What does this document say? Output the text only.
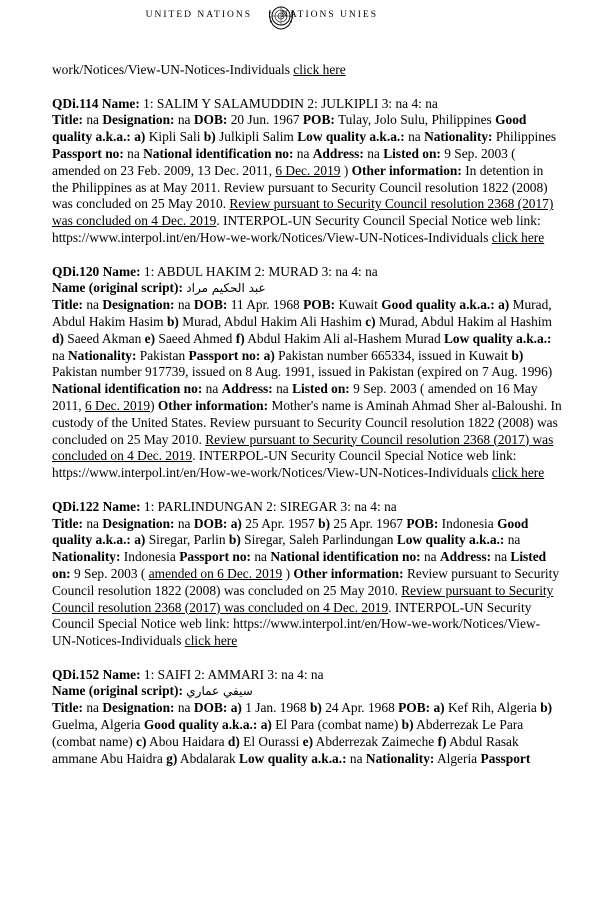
UNITED NATIONS	NATIONS UNIES

work/Notices/View-UN-Notices-Individuals click here

QDi.114 Name: 1: SALIM Y SALAMUDDIN 2: JULKIPLI 3: na 4: na
Title: na Designation: na DOB: 20 Jun. 1967 POB: Tulay, Jolo Sulu, Philippines Good quality a.k.a.: a) Kipli Sali b) Julkipli Salim Low quality a.k.a.: na Nationality: Philippines Passport no: na National identification no: na Address: na Listed on: 9 Sep. 2003 ( amended on 23 Feb. 2009, 13 Dec. 2011, 6 Dec. 2019 ) Other information: In detention in the Philippines as at May 2011. Review pursuant to Security Council resolution 1822 (2008) was concluded on 25 May 2010. Review pursuant to Security Council resolution 2368 (2017) was concluded on 4 Dec. 2019. INTERPOL-UN Security Council Special Notice web link: https://www.interpol.int/en/How-we-work/Notices/View-UN-Notices-Individuals click here

QDi.120 Name: 1: ABDUL HAKIM 2: MURAD 3: na 4: na
Name (original script): عبد الحكيم مراد
Title: na Designation: na DOB: 11 Apr. 1968 POB: Kuwait Good quality a.k.a.: a) Murad, Abdul Hakim Hasim b) Murad, Abdul Hakim Ali Hashim c) Murad, Abdul Hakim al Hashim d) Saeed Akman e) Saeed Ahmed f) Abdul Hakim Ali al-Hashem Murad Low quality a.k.a.: na Nationality: Pakistan Passport no: a) Pakistan number 665334, issued in Kuwait b) Pakistan number 917739, issued on 8 Aug. 1991, issued in Pakistan (expired on 7 Aug. 1996) National identification no: na Address: na Listed on: 9 Sep. 2003 ( amended on 16 May 2011, 6 Dec. 2019) Other information: Mother's name is Aminah Ahmad Sher al-Baloushi. In custody of the United States. Review pursuant to Security Council resolution 1822 (2008) was concluded on 25 May 2010. Review pursuant to Security Council resolution 2368 (2017) was concluded on 4 Dec. 2019. INTERPOL-UN Security Council Special Notice web link: https://www.interpol.int/en/How-we-work/Notices/View-UN-Notices-Individuals click here

QDi.122 Name: 1: PARLINDUNGAN 2: SIREGAR 3: na 4: na
Title: na Designation: na DOB: a) 25 Apr. 1957 b) 25 Apr. 1967 POB: Indonesia Good quality a.k.a.: a) Siregar, Parlin b) Siregar, Saleh Parlindungan Low quality a.k.a.: na Nationality: Indonesia Passport no: na National identification no: na Address: na Listed on: 9 Sep. 2003 ( amended on 6 Dec. 2019 ) Other information: Review pursuant to Security Council resolution 1822 (2008) was concluded on 25 May 2010. Review pursuant to Security Council resolution 2368 (2017) was concluded on 4 Dec. 2019. INTERPOL-UN Security Council Special Notice web link: https://www.interpol.int/en/How-we-work/Notices/View-UN-Notices-Individuals click here

QDi.152 Name: 1: SAIFI 2: AMMARI 3: na 4: na
Name (original script): سيفي عماري
Title: na Designation: na DOB: a) 1 Jan. 1968 b) 24 Apr. 1968 POB: a) Kef Rih, Algeria b) Guelma, Algeria Good quality a.k.a.: a) El Para (combat name) b) Abderrezak Le Para (combat name) c) Abou Haidara d) El Ourassi e) Abderrezak Zaimeche f) Abdul Rasak ammane Abu Haidra g) Abdalarak Low quality a.k.a.: na Nationality: Algeria Passport
